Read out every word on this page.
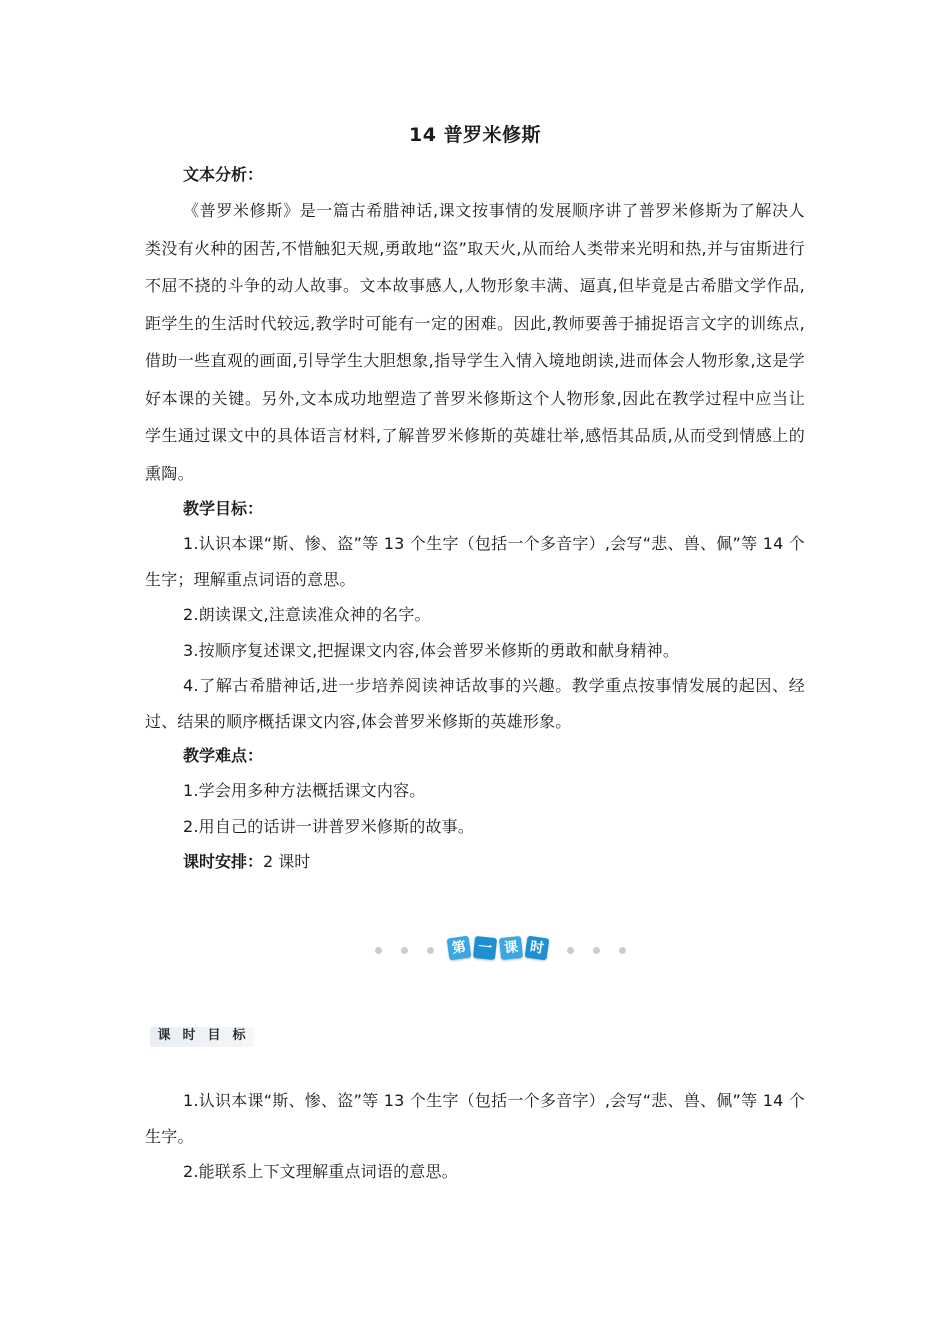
14 普罗米修斯
文本分析：

《普罗米修斯》是一篇古希腊神话,课文按事情的发展顺序讲了普罗米修斯为了解决人类没有火种的困苦,不惜触犯天规,勇敢地“盗”取天火,从而给人类带来光明和热,并与宙斯进行不屈不挠的斗争的动人故事。文本故事感人,人物形象丰满、逼真,但毕竟是古希腊文学作品,距学生的生活时代较远,教学时可能有一定的困难。因此,教师要善于捕捉语言文字的训练点,借助一些直观的画面,引导学生大胆想象,指导学生入情入境地朗读,进而体会人物形象,这是学好本课的关键。另外,文本成功地塑造了普罗米修斯这个人物形象,因此在教学过程中应当让学生通过课文中的具体语言材料,了解普罗米修斯的英雄壮举,感悟其品质,从而受到情感上的熏陶。

教学目标：

1.认识本课“斯、惨、盗”等 13 个生字（包括一个多音字）,会写“悲、兽、佩”等 14 个生字；理解重点词语的意思。

2.朗读课文,注意读准众神的名字。

3.按顺序复述课文,把握课文内容,体会普罗米修斯的勇敢和献身精神。

4.了解古希腊神话,进一步培养阅读神话故事的兴趣。教学重点按事情发展的起因、经过、结果的顺序概括课文内容,体会普罗米修斯的英雄形象。

教学难点：

1.学会用多种方法概括课文内容。

2.用自己的话讲一讲普罗米修斯的故事。

课时安排：2 课时

第 一 课 时
课 时 目 标

1.认识本课“斯、惨、盗”等 13 个生字（包括一个多音字）,会写“悲、兽、佩”等 14 个生字。

2.能联系上下文理解重点词语的意思。
